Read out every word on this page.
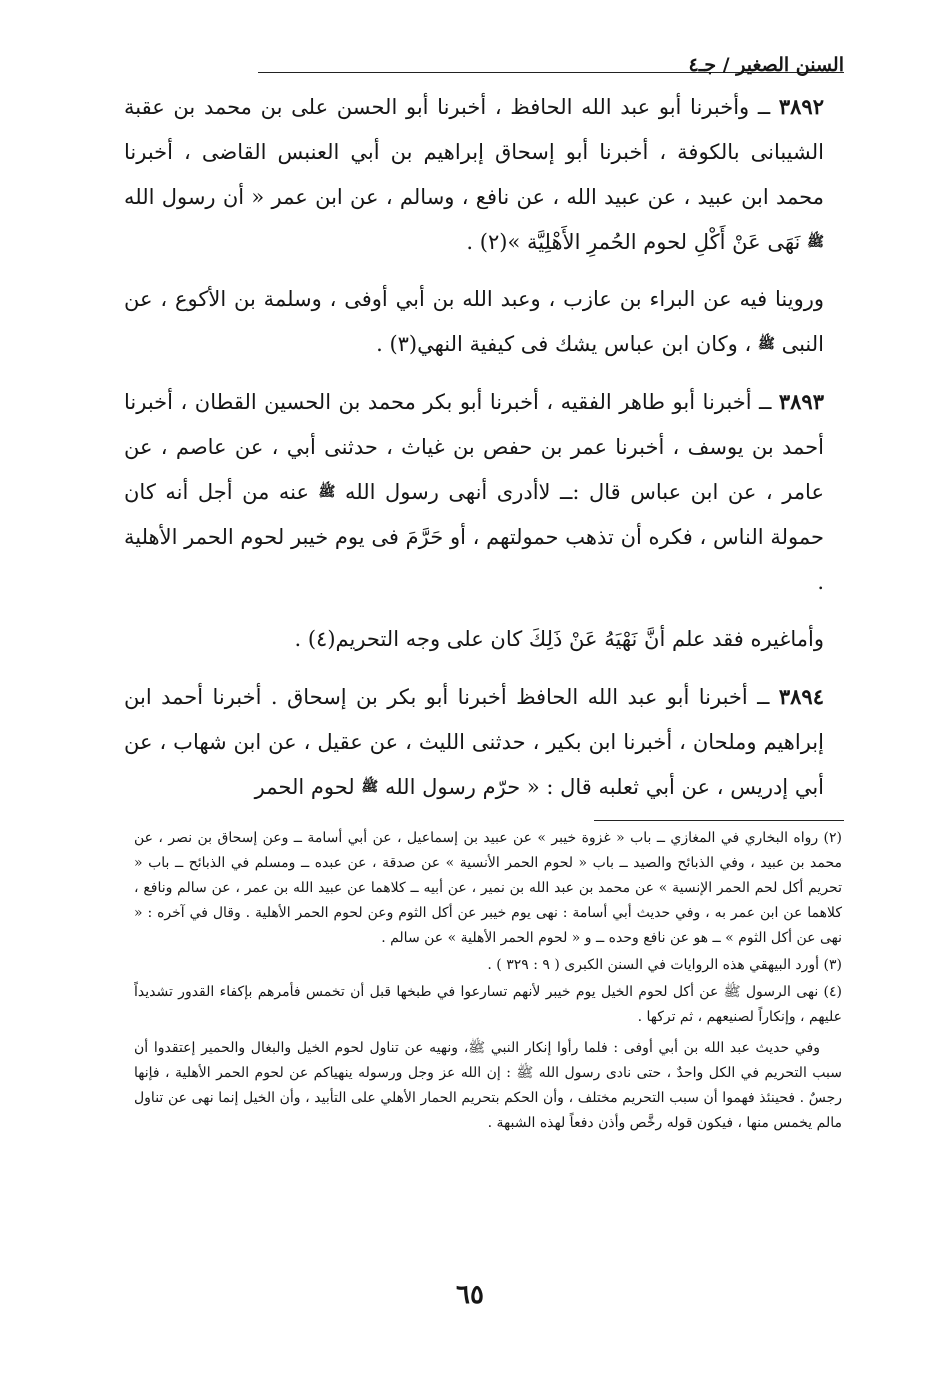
السنن الصغير / جـ٤

٣٨٩٢ ــ وأخبرنا أبو عبد الله الحافظ ، أخبرنا أبو الحسن على بن محمد بن عقبة الشيبانى بالكوفة ، أخبرنا أبو إسحاق إبراهيم بن أبي العنبس القاضى ، أخبرنا محمد ابن عبيد ، عن عبيد الله ، عن نافع ، وسالم ، عن ابن عمر « أن رسول الله ﷺ نَهَى عَنْ أَكْلِ لحوم الحُمرِ الأَهْلِيَّة »(٢) .

وروينا فيه عن البراء بن عازب ، وعبد الله بن أبي أوفى ، وسلمة بن الأكوع ، عن النبى ﷺ ، وكان ابن عباس يشك فى كيفية النهي(٣) .

٣٨٩٣ ــ أخبرنا أبو طاهر الفقيه ، أخبرنا أبو بكر محمد بن الحسين القطان ، أخبرنا أحمد بن يوسف ، أخبرنا عمر بن حفص بن غياث ، حدثنى أبي ، عن عاصم ، عن عامر ، عن ابن عباس قال :ــ لاأدرى أنهى رسول الله ﷺ عنه من أجل أنه كان حمولة الناس ، فكره أن تذهب حمولتهم ، أو حَرَّمَ فى يوم خيبر لحوم الحمر الأهلية .

وأماغيره فقد علم أنَّ نَهْيَهُ عَنْ ذَلِكَ كان على وجه التحريم(٤) .

٣٨٩٤ ــ أخبرنا أبو عبد الله الحافظ أخبرنا أبو بكر بن إسحاق . أخبرنا أحمد ابن إبراهيم وملحان ، أخبرنا ابن بكير ، حدثنى الليث ، عن عقيل ، عن ابن شهاب ، عن أبي إدريس ، عن أبي ثعلبه قال : « حرّم رسول الله ﷺ لحوم الحمر

(٢) رواه البخاري في المغازي ــ باب « غزوة خيبر » عن عبيد بن إسماعيل ، عن أبي أسامة ــ وعن إسحاق بن نصر ، عن محمد بن عبيد ، وفي الذبائح والصيد ــ باب « لحوم الحمر الأنسية » عن صدقة ، عن عبده ــ ومسلم في الذبائح ــ باب « تحريم أكل لحم الحمر الإنسية » عن محمد بن عبد الله بن نمير ، عن أبيه ــ كلاهما عن عبيد الله بن عمر ، عن سالم ونافع ، كلاهما عن ابن عمر به ، وفي حديث أبي أسامة : نهى يوم خيبر عن أكل الثوم وعن لحوم الحمر الأهلية . وقال في آخره : « نهى عن أكل الثوم » ــ هو عن نافع وحده ــ و « لحوم الحمر الأهلية » عن سالم .

(٣) أورد البيهقي هذه الروايات في السنن الكبرى ( ٩ : ٣٢٩ ) .

(٤) نهى الرسول ﷺ عن أكل لحوم الخيل يوم خيبر لأنهم تسارعوا في طبخها قبل أن تخمس فأمرهم بإكفاء القدور تشديداً عليهم ، وإنكاراً لصنيعهم ، ثم تركها .

وفي حديث عبد الله بن أبي أوفى : فلما رأوا إنكار النبي ﷺ، ونهيه عن تناول لحوم الخيل والبغال والحمير إعتقدوا أن سبب التحريم في الكل واحدٌ ، حتى نادى رسول الله ﷺ : إن الله عز وجل ورسوله ينهياكم عن لحوم الحمر الأهلية ، فإنها رجسٌ . فحينئذ فهموا أن سبب التحريم مختلف ، وأن الحكم بتحريم الحمار الأهلي على التأبيد ، وأن الخيل إنما نهى عن تناول مالم يخمس منها ، فيكون قوله رخَّص وأذن دفعاً لهذه الشبهة .

٦٥
